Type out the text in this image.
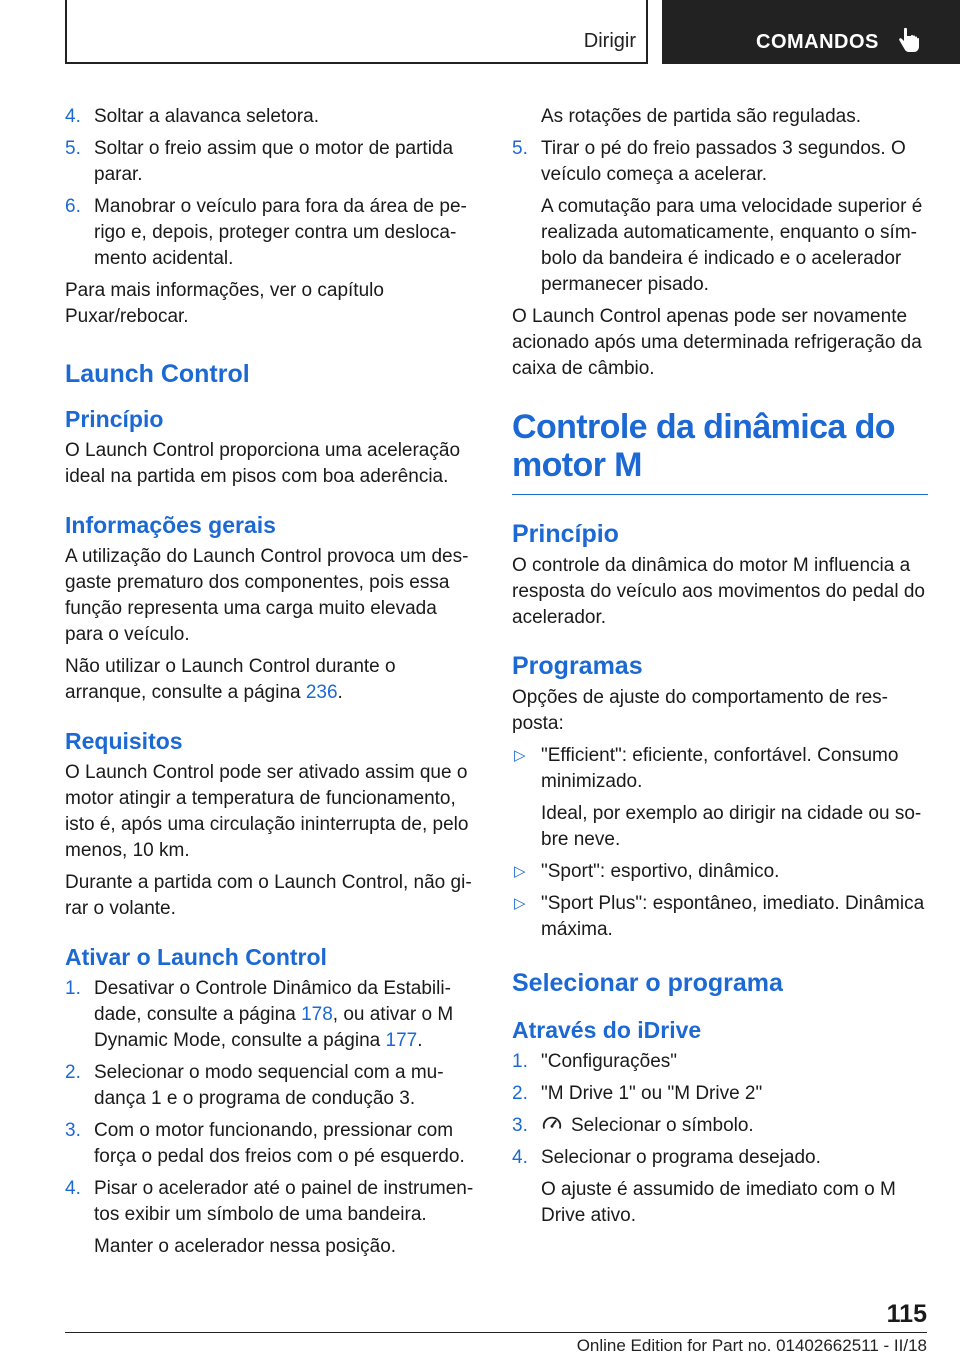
Dirigir	COMANDOS
4. Soltar a alavanca seletora.
5. Soltar o freio assim que o motor de partida parar.
6. Manobrar o veículo para fora da área de perigo e, depois, proteger contra um deslocamento acidental.

Para mais informações, ver o capítulo Puxar/rebocar.

Launch Control
Princípio

O Launch Control proporciona uma aceleração ideal na partida em pisos com boa aderência.

Informações gerais

A utilização do Launch Control provoca um desgaste prematuro dos componentes, pois essa função representa uma carga muito elevada para o veículo.

Não utilizar o Launch Control durante o arranque, consulte a página 236.

Requisitos

O Launch Control pode ser ativado assim que o motor atingir a temperatura de funcionamento, isto é, após uma circulação ininterrupta de, pelo menos, 10 km.

Durante a partida com o Launch Control, não girar o volante.

Ativar o Launch Control
1. Desativar o Controle Dinâmico da Estabilidade, consulte a página 178, ou ativar o M Dynamic Mode, consulte a página 177.
2. Selecionar o modo sequencial com a mudança 1 e o programa de condução 3.
3. Com o motor funcionando, pressionar com força o pedal dos freios com o pé esquerdo.
4. Pisar o acelerador até o painel de instrumentos exibir um símbolo de uma bandeira.
Manter o acelerador nessa posição.
As rotações de partida são reguladas.
5. Tirar o pé do freio passados 3 segundos. O veículo começa a acelerar.
A comutação para uma velocidade superior é realizada automaticamente, enquanto o símbolo da bandeira é indicado e o acelerador permanecer pisado.

O Launch Control apenas pode ser novamente acionado após uma determinada refrigeração da caixa de câmbio.

Controle da dinâmica do motor M
Princípio

O controle da dinâmica do motor M influencia a resposta do veículo aos movimentos do pedal do acelerador.

Programas

Opções de ajuste do comportamento de resposta:

▷ "Efficient": eficiente, confortável. Consumo minimizado.
Ideal, por exemplo ao dirigir na cidade ou sobre neve.
▷ "Sport": esportivo, dinâmico.
▷ "Sport Plus": espontâneo, imediato. Dinâmica máxima.
Selecionar o programa
Através do iDrive
1. "Configurações"
2. "M Drive 1" ou "M Drive 2"
3. Selecionar o símbolo.
4. Selecionar o programa desejado.
O ajuste é assumido de imediato com o M Drive ativo.
115
Online Edition for Part no. 01402662511 - II/18
